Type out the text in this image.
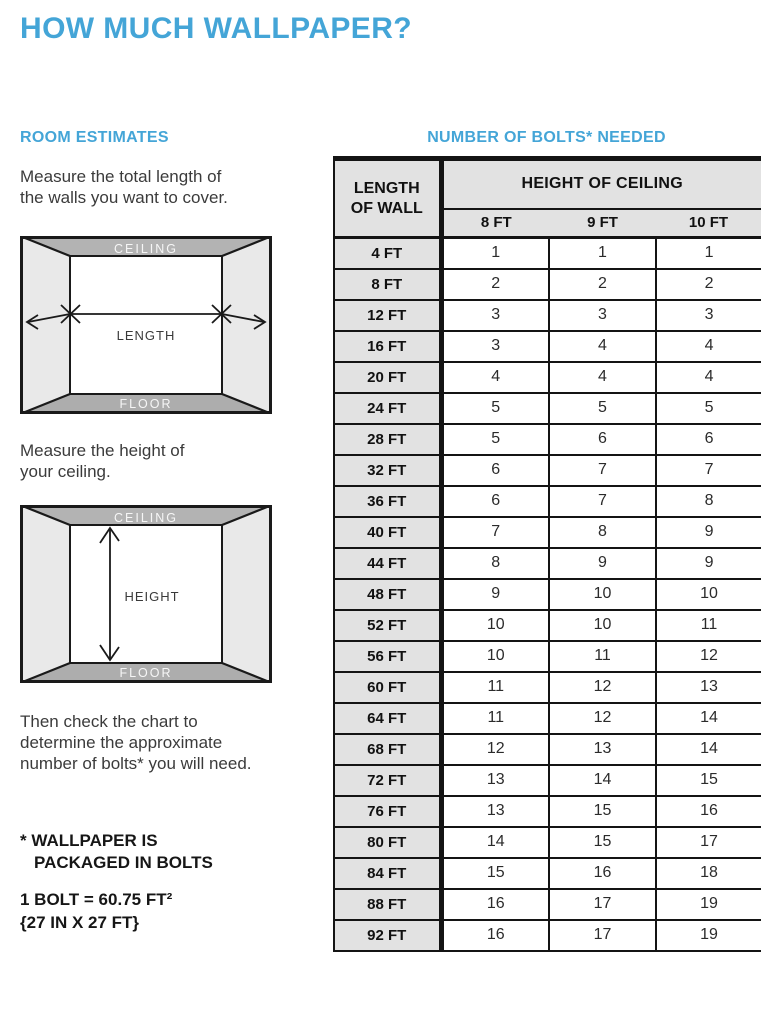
HOW MUCH WALLPAPER?
ROOM ESTIMATES	NUMBER OF BOLTS* NEEDED
Measure the total length of
the walls you want to cover.
CEILING
FLOOR
LENGTH
Measure the height of
your ceiling.
CEILING
FLOOR
HEIGHT
Then check the chart to
determine the approximate
number of bolts* you will need.
* WALLPAPER IS
PACKAGED IN BOLTS
1 BOLT = 60.75 FT²
{27 IN X 27 FT}
LENGTH
OF WALL	HEIGHT OF CEILING		
	8 FT	9 FT	10 FT
4 FT	1	1	1
8 FT	2	2	2
12 FT	3	3	3
16 FT	3	4	4
20 FT	4	4	4
24 FT	5	5	5
28 FT	5	6	6
32 FT	6	7	7
36 FT	6	7	8
40 FT	7	8	9
44 FT	8	9	9
48 FT	9	10	10
52 FT	10	10	11
56 FT	10	11	12
60 FT	11	12	13
64 FT	11	12	14
68 FT	12	13	14
72 FT	13	14	15
76 FT	13	15	16
80 FT	14	15	17
84 FT	15	16	18
88 FT	16	17	19
92 FT	16	17	19
